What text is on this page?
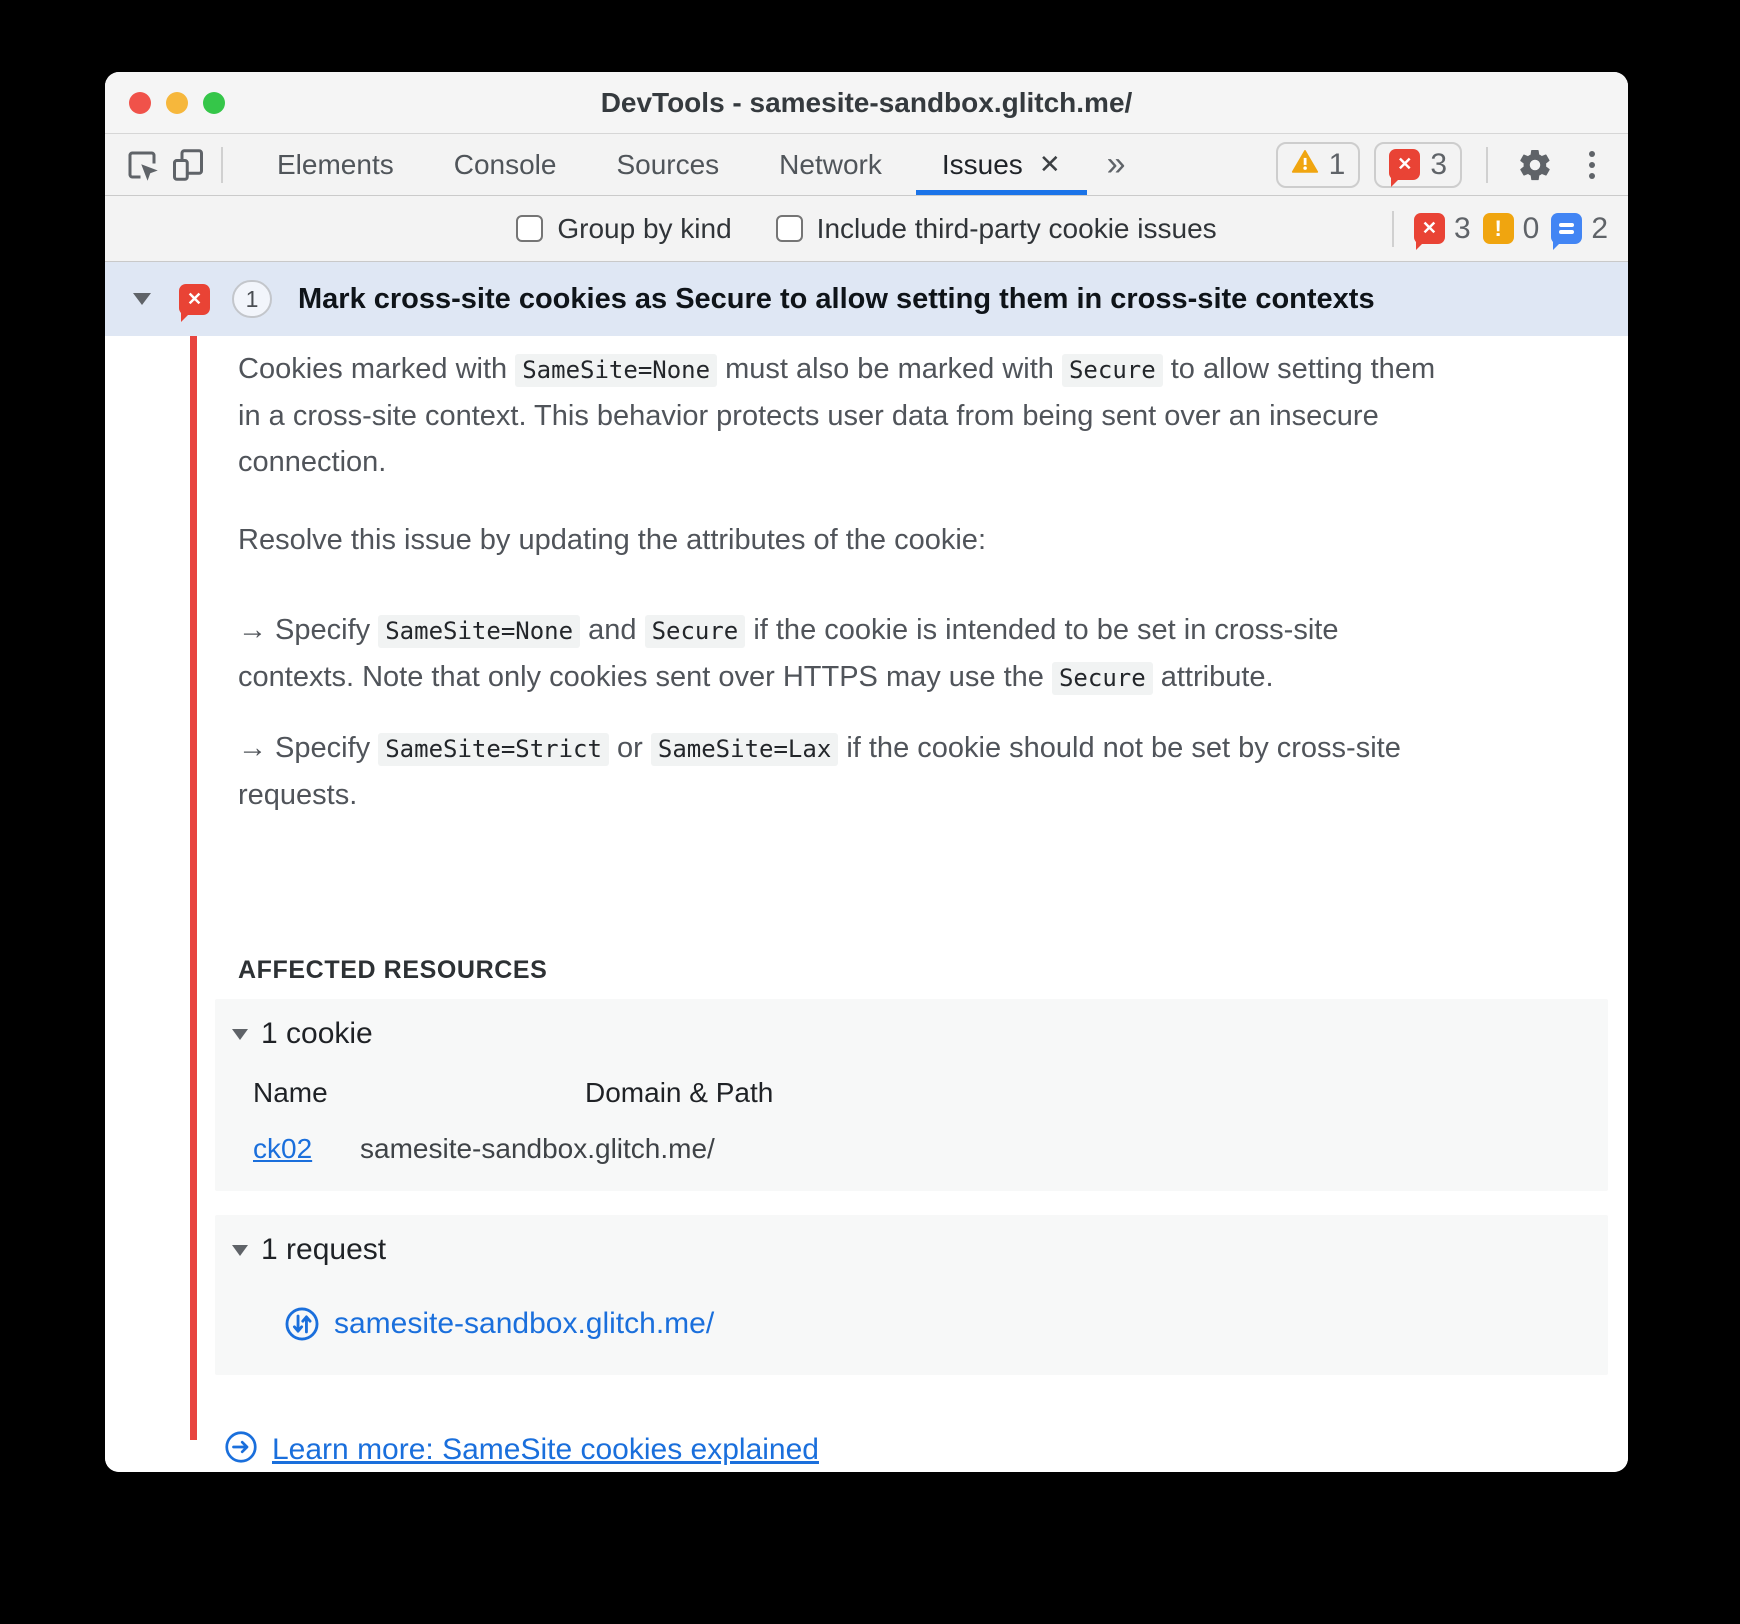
DevTools - samesite-sandbox.glitch.me/
Elements Console Sources Network Issues ✕ »	1	✕ 3
Group by kind	Include third-party cookie issues	✕ 3 ! 0 2
✕	1	Mark cross-site cookies as Secure to allow setting them in cross-site contexts

Cookies marked with SameSite=None must also be marked with Secure to allow setting them in a cross-site context. This behavior protects user data from being sent over an insecure connection.

Resolve this issue by updating the attributes of the cookie:

→ Specify SameSite=None and Secure if the cookie is intended to be set in cross-site contexts. Note that only cookies sent over HTTPS may use the Secure attribute.

→ Specify SameSite=Strict or SameSite=Lax if the cookie should not be set by cross-site requests.

AFFECTED RESOURCES
1 cookie
Name	Domain & Path
ck02 samesite-sandbox.glitch.me/
1 request
samesite-sandbox.glitch.me/
Learn more: SameSite cookies explained
